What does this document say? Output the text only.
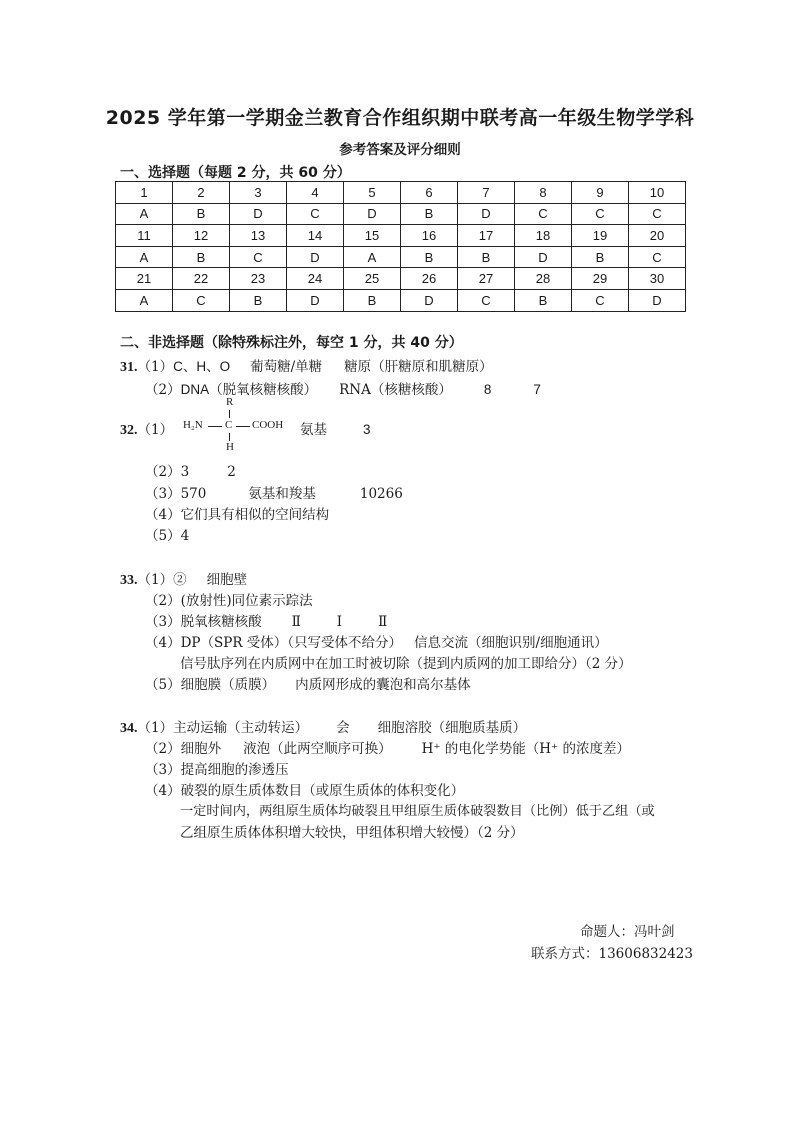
2025 学年第一学期金兰教育合作组织期中联考高一年级生物学学科
参考答案及评分细则
一、选择题（每题 2 分，共 60 分）
1	2	3	4	5	6	7	8	9	10
A	B	D	C	D	B	D	C	C	C
11	12	13	14	15	16	17	18	19	20
A	B	C	D	A	B	B	D	B	C
21	22	23	24	25	26	27	28	29	30
A	C	B	D	B	D	C	B	C	D
二、非选择题（除特殊标注外，每空 1 分，共 40 分）
31.（1）C、H、O 葡萄糖/单糖 糖原（肝糖原和肌糖原）
（2）DNA（脱氧核糖核酸） RNA（核糖核酸） 8	7
32.（1）
R
H₂N C COOH
H
氨基	3
（2）3	2
（3）570	氨基和羧基	10266
（4）它们具有相似的空间结构
（5）4
33.（1）② 细胞壁
（2）(放射性)同位素示踪法
（3）脱氧核糖核酸 Ⅱ	Ⅰ	Ⅱ
（4）DP（SPR 受体）（只写受体不给分） 信息交流（细胞识别/细胞通讯）
信号肽序列在内质网中在加工时被切除（提到内质网的加工即给分）（2 分）
（5）细胞膜（质膜） 内质网形成的囊泡和高尔基体
34.（1）主动运输（主动转运） 会 细胞溶胶（细胞质基质）
（2）细胞外 液泡（此两空顺序可换） H⁺ 的电化学势能（H⁺ 的浓度差）
（3）提高细胞的渗透压
（4）破裂的原生质体数目（或原生质体的体积变化）
一定时间内，两组原生质体均破裂且甲组原生质体破裂数目（比例）低于乙组（或
乙组原生质体体积增大较快，甲组体积增大较慢）（2 分）
命题人：冯叶剑
联系方式：13606832423
